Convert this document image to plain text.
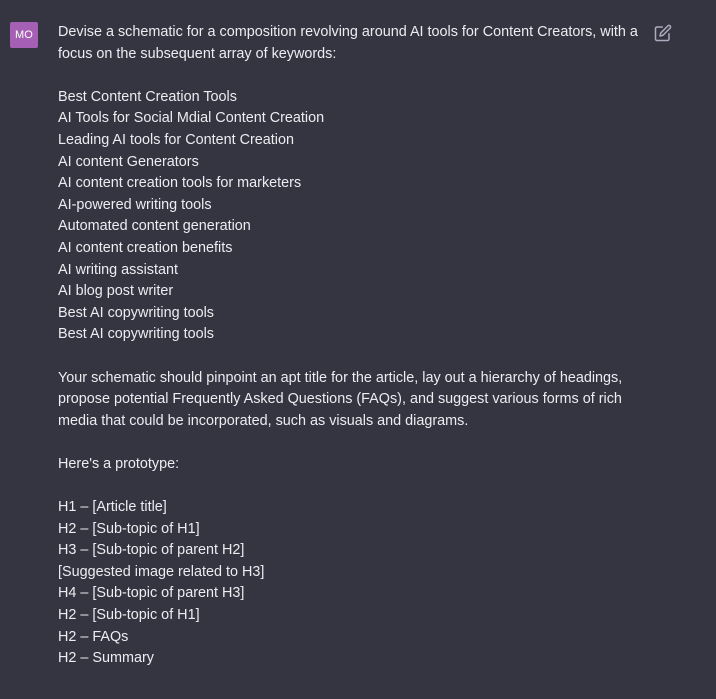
MO	Devise a schematic for a composition revolving around AI tools for Content Creators, with a focus on the subsequent array of keywords:

Best Content Creation Tools
AI Tools for Social Mdial Content Creation
Leading AI tools for Content Creation
AI content Generators
AI content creation tools for marketers
AI-powered writing tools
Automated content generation
AI content creation benefits
AI writing assistant
AI blog post writer
Best AI copywriting tools
Best AI copywriting tools

Your schematic should pinpoint an apt title for the article, lay out a hierarchy of headings, propose potential Frequently Asked Questions (FAQs), and suggest various forms of rich media that could be incorporated, such as visuals and diagrams.

Here's a prototype:

H1 – [Article title]
H2 – [Sub-topic of H1]
H3 – [Sub-topic of parent H2]
[Suggested image related to H3]
H4 – [Sub-topic of parent H3]
H2 – [Sub-topic of H1]
H2 – FAQs
H2 – Summary
